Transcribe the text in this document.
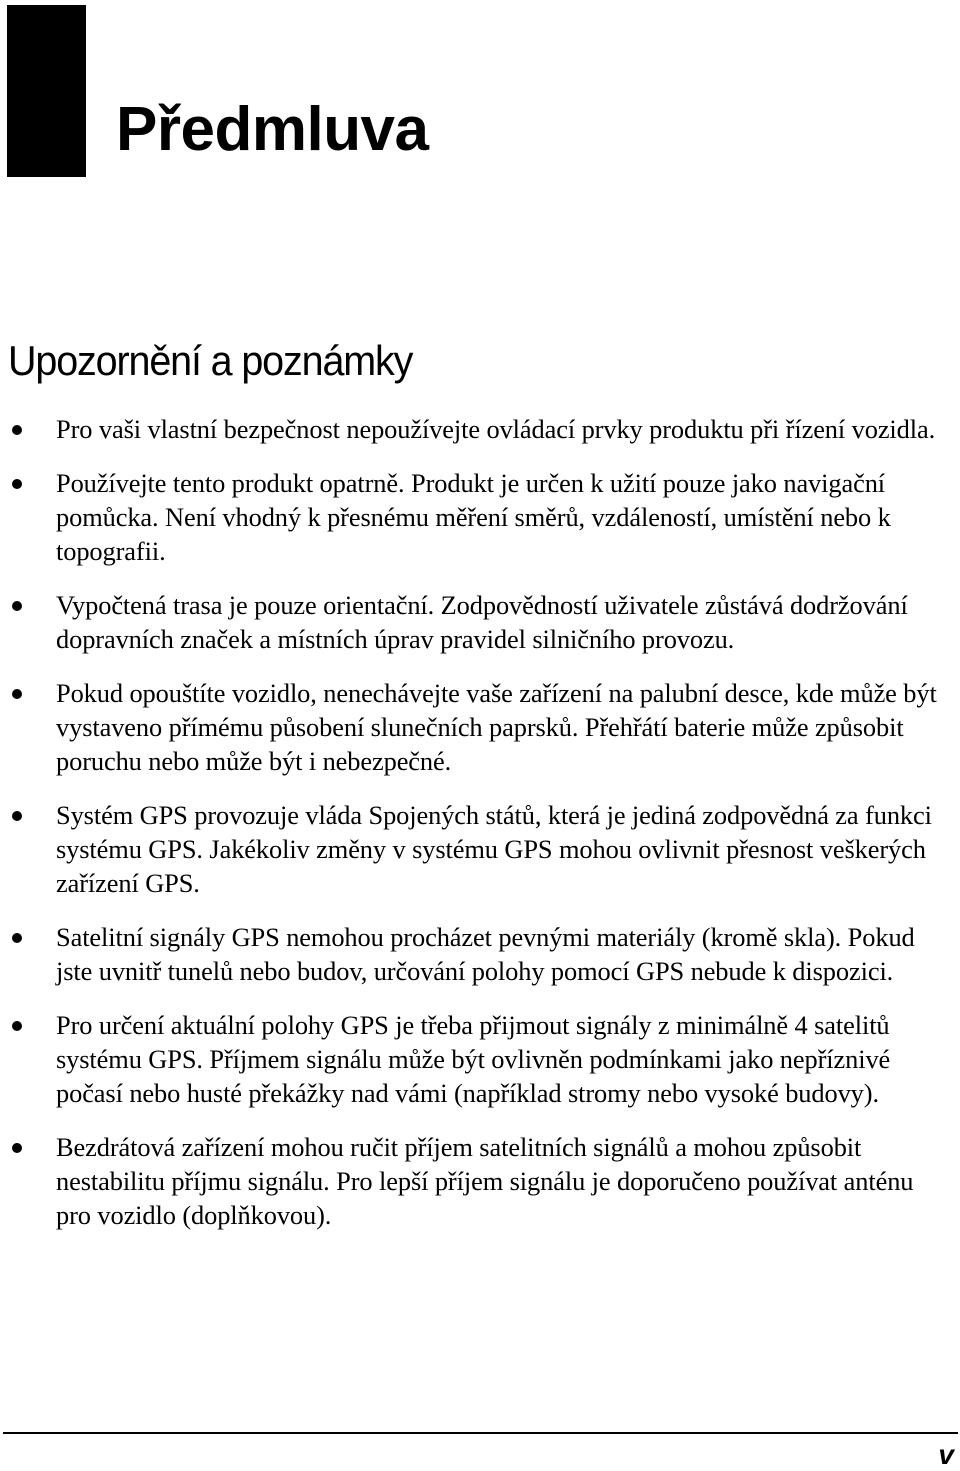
Předmluva
Upozornění a poznámky
Pro vaši vlastní bezpečnost nepoužívejte ovládací prvky produktu při řízení vozidla.
Používejte tento produkt opatrně. Produkt je určen k užití pouze jako navigační pomůcka. Není vhodný k přesnému měření směrů, vzdáleností, umístění nebo k topografii.
Vypočtená trasa je pouze orientační. Zodpovědností uživatele zůstává dodržování dopravních značek a místních úprav pravidel silničního provozu.
Pokud opouštíte vozidlo, nenechávejte vaše zařízení na palubní desce, kde může být vystaveno přímému působení slunečních paprsků. Přehřátí baterie může způsobit poruchu nebo může být i nebezpečné.
Systém GPS provozuje vláda Spojených států, která je jediná zodpovědná za funkci systému GPS. Jakékoliv změny v systému GPS mohou ovlivnit přesnost veškerých zařízení GPS.
Satelitní signály GPS nemohou procházet pevnými materiály (kromě skla). Pokud jste uvnitř tunelů nebo budov, určování polohy pomocí GPS nebude k dispozici.
Pro určení aktuální polohy GPS je třeba přijmout signály z minimálně 4 satelitů systému GPS. Příjmem signálu může být ovlivněn podmínkami jako nepříznivé počasí nebo husté překážky nad vámi (například stromy nebo vysoké budovy).
Bezdrátová zařízení mohou ručit příjem satelitních signálů a mohou způsobit nestabilitu příjmu signálu. Pro lepší příjem signálu je doporučeno používat anténu pro vozidlo (doplňkovou).
v
